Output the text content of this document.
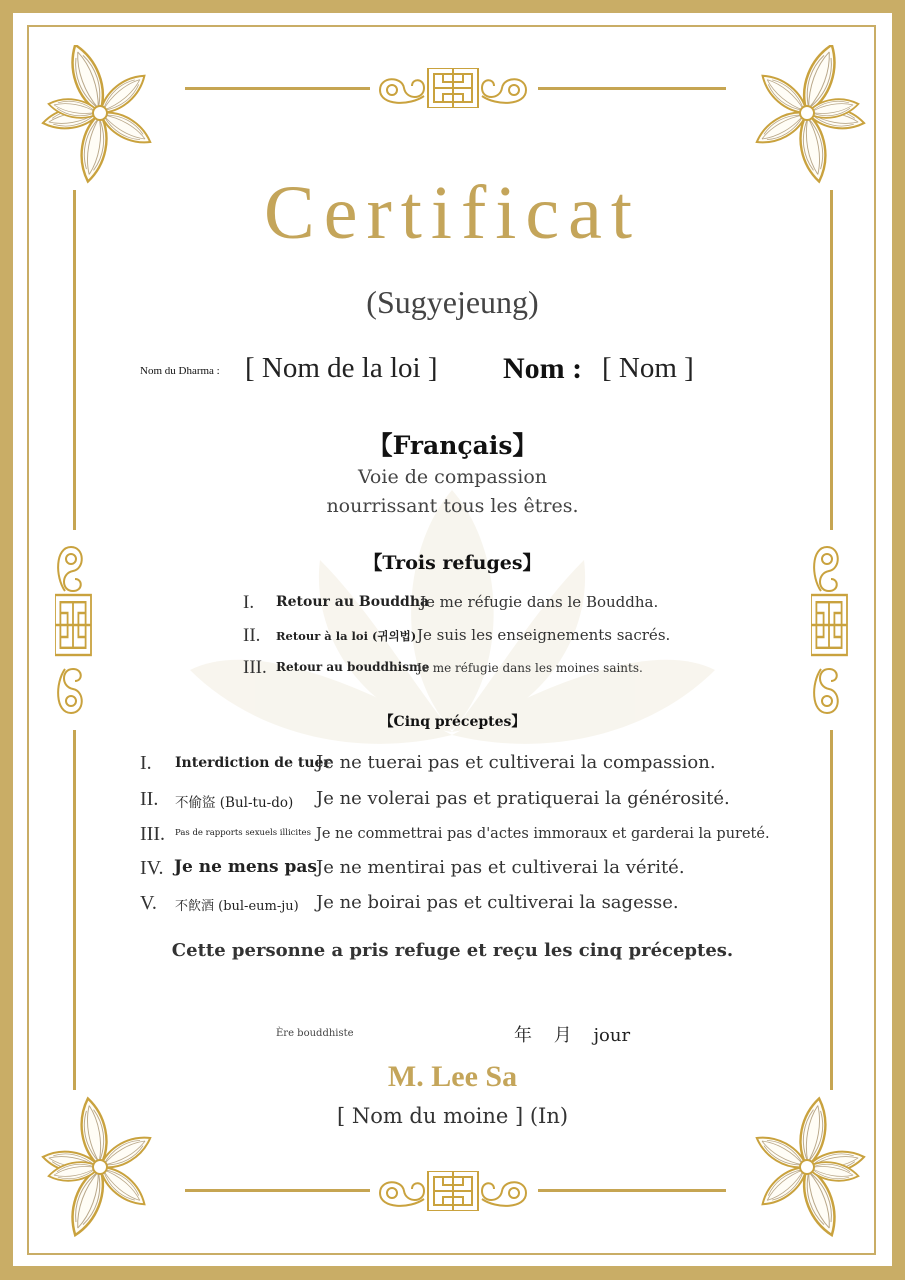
Certificat
(Sugyejeung)
Nom du Dharma : [ Nom de la loi ] Nom : [ Nom ]
【Français】
Voie de compassion
nourrissant tous les êtres.
【Trois refuges】
I. Retour au Bouddha
Je me réfugie dans le Bouddha.
II. Retour à la loi (귀의법) Je suis les enseignements sacrés.
III. Retour au bouddhisme
Je me réfugie dans les moines saints.
【Cinq préceptes】
I. Interdiction de tuer
Je ne tuerai pas et cultiverai la compassion.
II. 不偷盜 (Bul-tu-do) Je ne volerai pas et pratiquerai la générosité.
III. Pas de rapports sexuels illicites Je ne commettrai pas d'actes immoraux et garderai la pureté.
IV. Je ne mens pas Je ne mentirai pas et cultiverai la vérité.
V. 不飮酒 (bul-eum-ju) Je ne boirai pas et cultiverai la sagesse.
Cette personne a pris refuge et reçu les cinq préceptes.
Ère bouddhiste	年 月 jour
M. Lee Sa
[ Nom du moine ] (In)
